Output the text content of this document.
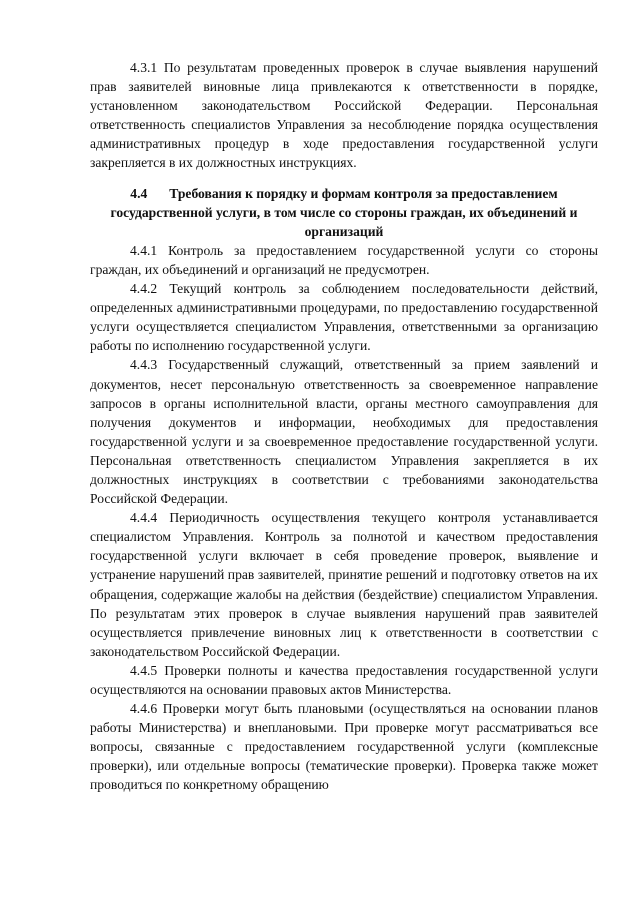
4.3.1 По результатам проведенных проверок в случае выявления нарушений прав заявителей виновные лица привлекаются к ответственности в порядке, установленном законодательством Российской Федерации. Персональная ответственность специалистов Управления за несоблюдение порядка осуществления административных процедур в ходе предоставления государственной услуги закрепляется в их должностных инструкциях.

4.4 Требования к порядку и формам контроля за предоставлением государственной услуги, в том числе со стороны граждан, их объединений и организаций

4.4.1 Контроль за предоставлением государственной услуги со стороны граждан, их объединений и организаций не предусмотрен.

4.4.2 Текущий контроль за соблюдением последовательности действий, определенных административными процедурами, по предоставлению государственной услуги осуществляется специалистом Управления, ответственными за организацию работы по исполнению государственной услуги.

4.4.3 Государственный служащий, ответственный за прием заявлений и документов, несет персональную ответственность за своевременное направление запросов в органы исполнительной власти, органы местного самоуправления для получения документов и информации, необходимых для предоставления государственной услуги и за своевременное предоставление государственной услуги. Персональная ответственность специалистом Управления закрепляется в их должностных инструкциях в соответствии с требованиями законодательства Российской Федерации.

4.4.4 Периодичность осуществления текущего контроля устанавливается специалистом Управления. Контроль за полнотой и качеством предоставления государственной услуги включает в себя проведение проверок, выявление и устранение нарушений прав заявителей, принятие решений и подготовку ответов на их обращения, содержащие жалобы на действия (бездействие) специалистом Управления. По результатам этих проверок в случае выявления нарушений прав заявителей осуществляется привлечение виновных лиц к ответственности в соответствии с законодательством Российской Федерации.

4.4.5 Проверки полноты и качества предоставления государственной услуги осуществляются на основании правовых актов Министерства.

4.4.6 Проверки могут быть плановыми (осуществляться на основании планов работы Министерства) и внеплановыми. При проверке могут рассматриваться все вопросы, связанные с предоставлением государственной услуги (комплексные проверки), или отдельные вопросы (тематические проверки). Проверка также может проводиться по конкретному обращению
